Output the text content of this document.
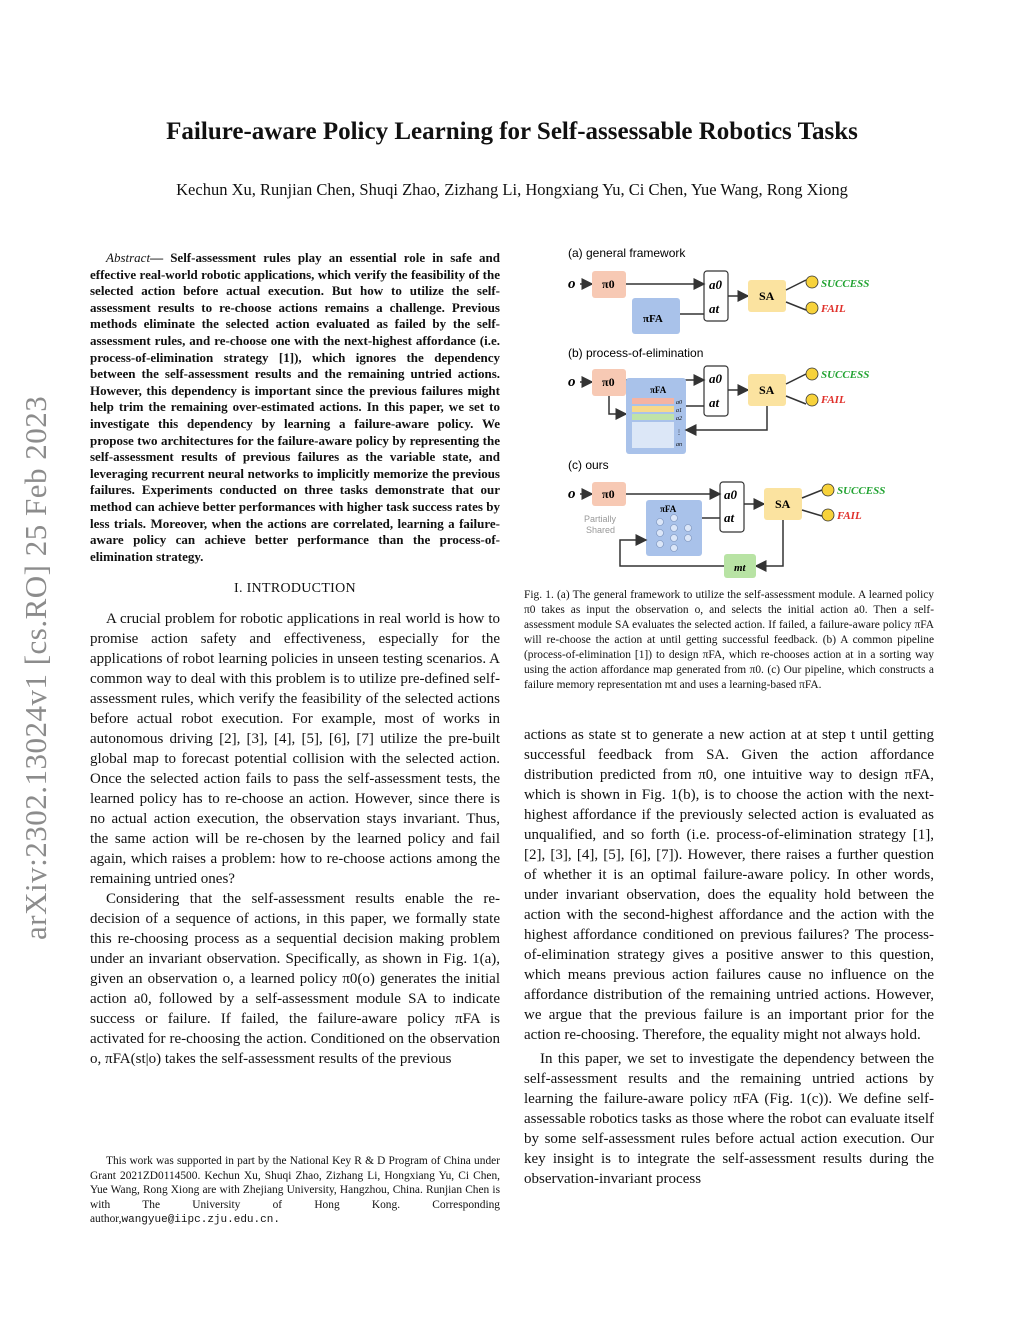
arXiv:2302.13024v1 [cs.RO] 25 Feb 2023
Failure-aware Policy Learning for Self-assessable Robotics Tasks
Kechun Xu, Runjian Chen, Shuqi Zhao, Zizhang Li, Hongxiang Yu, Ci Chen, Yue Wang, Rong Xiong

Abstract— Self-assessment rules play an essential role in safe and effective real-world robotic applications, which verify the feasibility of the selected action before actual execution. But how to utilize the self-assessment results to re-choose actions remains a challenge. Previous methods eliminate the selected action evaluated as failed by the self-assessment rules, and re-choose one with the next-highest affordance (i.e. process-of-elimination strategy [1]), which ignores the dependency between the self-assessment results and the remaining untried actions. However, this dependency is important since the previous failures might help trim the remaining over-estimated actions. In this paper, we set to investigate this dependency by learning a failure-aware policy. We propose two architectures for the failure-aware policy by representing the self-assessment results of previous failures as the variable state, and leveraging recurrent neural networks to implicitly memorize the previous failures. Experiments conducted on three tasks demonstrate that our method can achieve better performances with higher task success rates by less trials. Moreover, when the actions are correlated, learning a failure-aware policy can achieve better performance than the process-of-elimination strategy.

I. INTRODUCTION

A crucial problem for robotic applications in real world is how to promise action safety and effectiveness, especially for the applications of robot learning policies in unseen testing scenarios. A common way to deal with this problem is to utilize pre-defined self-assessment rules, which verify the feasibility of the selected actions before actual robot execution. For example, most of works in autonomous driving [2], [3], [4], [5], [6], [7] utilize the pre-built global map to forecast potential collision with the selected action. Once the selected action fails to pass the self-assessment tests, the learned policy has to re-choose an action. However, since there is no actual action execution, the observation stays invariant. Thus, the same action will be re-chosen by the learned policy and fail again, which raises a problem: how to re-choose actions among the remaining untried ones?

Considering that the self-assessment results enable the re-decision of a sequence of actions, in this paper, we formally state this re-choosing process as a sequential decision making problem under an invariant observation. Specifically, as shown in Fig. 1(a), given an observation o, a learned policy π0(o) generates the initial action a0, followed by a self-assessment module SA to indicate success or failure. If failed, the failure-aware policy πFA is activated for re-choosing the action. Conditioned on the observation o, πFA(st|o) takes the self-assessment results of the previous

This work was supported in part by the National Key R & D Program of China under Grant 2021ZD0114500. Kechun Xu, Shuqi Zhao, Zizhang Li, Hongxiang Yu, Ci Chen, Yue Wang, Rong Xiong are with Zhejiang University, Hangzhou, China. Runjian Chen is with The University of Hong Kong. Corresponding author,wangyue@iipc.zju.edu.cn.
(a) general framework
o π0
πFA
a0
at
SA
SUCCESS
FAIL
(b) process-of-elimination
o π0
πFA
a0
a1
a2
⋮
an
a0
at
SA
SUCCESS
FAIL
(c) ours
o π0
Partially
Shared
πFA
a0
at
SA
SUCCESS
FAIL
mt
Fig. 1. (a) The general framework to utilize the self-assessment module. A learned policy π0 takes as input the observation o, and selects the initial action a0. Then a self-assessment module SA evaluates the selected action. If failed, a failure-aware policy πFA will re-choose the action at until getting successful feedback. (b) A common pipeline (process-of-elimination [1]) to design πFA, which re-chooses action at in a sorting way using the action affordance map generated from π0. (c) Our pipeline, which constructs a failure memory representation mt and uses a learning-based πFA.

actions as state st to generate a new action at at step t until getting successful feedback from SA. Given the action affordance distribution predicted from π0, one intuitive way to design πFA, which is shown in Fig. 1(b), is to choose the action with the next-highest affordance if the previously selected action is evaluated as unqualified, and so forth (i.e. process-of-elimination strategy [1], [2], [3], [4], [5], [6], [7]). However, there raises a further question of whether it is an optimal failure-aware policy. In other words, under invariant observation, does the equality hold between the action with the second-highest affordance and the action with the highest affordance conditioned on previous failures? The process-of-elimination strategy gives a positive answer to this question, which means previous action failures cause no influence on the affordance distribution of the remaining untried actions. However, we argue that the previous failure is an important prior for the action re-choosing. Therefore, the equality might not always hold.

In this paper, we set to investigate the dependency between the self-assessment results and the remaining untried actions by learning the failure-aware policy πFA (Fig. 1(c)). We define self-assessable robotics tasks as those where the robot can evaluate itself by some self-assessment rules before actual action execution. Our key insight is to integrate the self-assessment results during the observation-invariant process
